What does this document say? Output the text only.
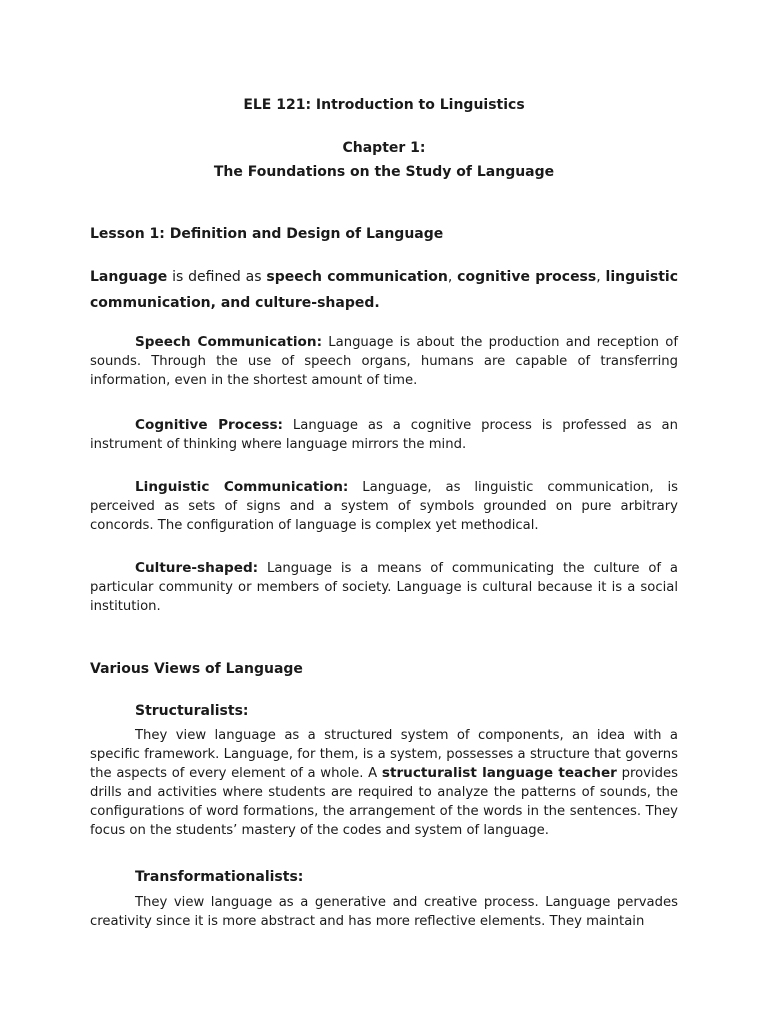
ELE 121: Introduction to Linguistics
Chapter 1:
The Foundations on the Study of Language
Lesson 1: Definition and Design of Language
Language is defined as speech communication, cognitive process, linguistic communication, and culture-shaped.
Speech Communication: Language is about the production and reception of sounds. Through the use of speech organs, humans are capable of transferring information, even in the shortest amount of time.
Cognitive Process: Language as a cognitive process is professed as an instrument of thinking where language mirrors the mind.
Linguistic Communication: Language, as linguistic communication, is perceived as sets of signs and a system of symbols grounded on pure arbitrary concords. The configuration of language is complex yet methodical.
Culture-shaped: Language is a means of communicating the culture of a particular community or members of society. Language is cultural because it is a social institution.
Various Views of Language
Structuralists:
They view language as a structured system of components, an idea with a specific framework. Language, for them, is a system, possesses a structure that governs the aspects of every element of a whole. A structuralist language teacher provides drills and activities where students are required to analyze the patterns of sounds, the configurations of word formations, the arrangement of the words in the sentences. They focus on the students’ mastery of the codes and system of language.
Transformationalists:
They view language as a generative and creative process. Language pervades creativity since it is more abstract and has more reflective elements. They maintain
